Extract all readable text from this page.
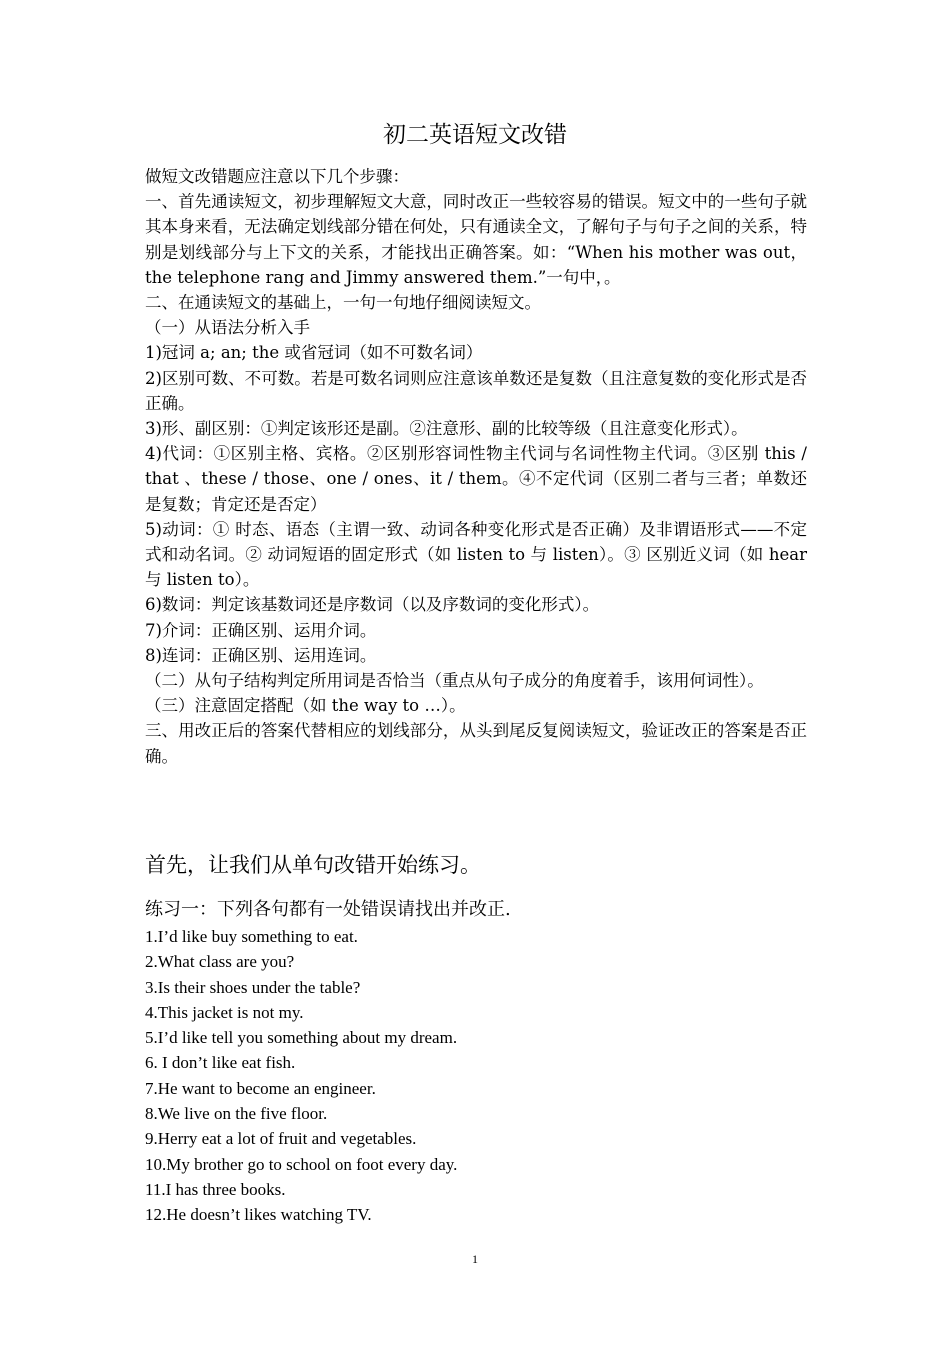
初二英语短文改错

做短文改错题应注意以下几个步骤：

一、首先通读短文，初步理解短文大意，同时改正一些较容易的错误。短文中的一些句子就其本身来看，无法确定划线部分错在何处，只有通读全文，了解句子与句子之间的关系，特别是划线部分与上下文的关系，才能找出正确答案。如：“When his mother was out， the telephone rang and Jimmy answered them.”一句中，。

二、在通读短文的基础上，一句一句地仔细阅读短文。

（一）从语法分析入手

1)冠词 a; an; the 或省冠词（如不可数名词）

2)区别可数、不可数。若是可数名词则应注意该单数还是复数（且注意复数的变化形式是否正确。

3)形、副区别：①判定该形还是副。②注意形、副的比较等级（且注意变化形式）。

4)代词：①区别主格、宾格。②区别形容词性物主代词与名词性物主代词。③区别 this / that 、these / those、one / ones、it / them。④不定代词（区别二者与三者；单数还是复数；肯定还是否定）

5)动词：① 时态、语态（主谓一致、动词各种变化形式是否正确）及非谓语形式——不定式和动名词。② 动词短语的固定形式（如 listen to 与 listen）。③ 区别近义词（如 hear 与 listen to）。

6)数词：判定该基数词还是序数词（以及序数词的变化形式）。

7)介词：正确区别、运用介词。

8)连词：正确区别、运用连词。

（二）从句子结构判定所用词是否恰当（重点从句子成分的角度着手，该用何词性）。

（三）注意固定搭配（如 the way to …）。

三、用改正后的答案代替相应的划线部分，从头到尾反复阅读短文，验证改正的答案是否正确。

首先，让我们从单句改错开始练习。
练习一：下列各句都有一处错误请找出并改正.
1.I’d like buy something to eat.
2.What class are you?
3.Is their shoes under the table?
4.This jacket is not my.
5.I’d like tell you something about my dream.
6. I don’t like eat fish.
7.He want to become an engineer.
8.We live on the five floor.
9.Herry eat a lot of fruit and vegetables.
10.My brother go to school on foot every day.
11.I has three books.
12.He doesn’t likes watching TV.
1
